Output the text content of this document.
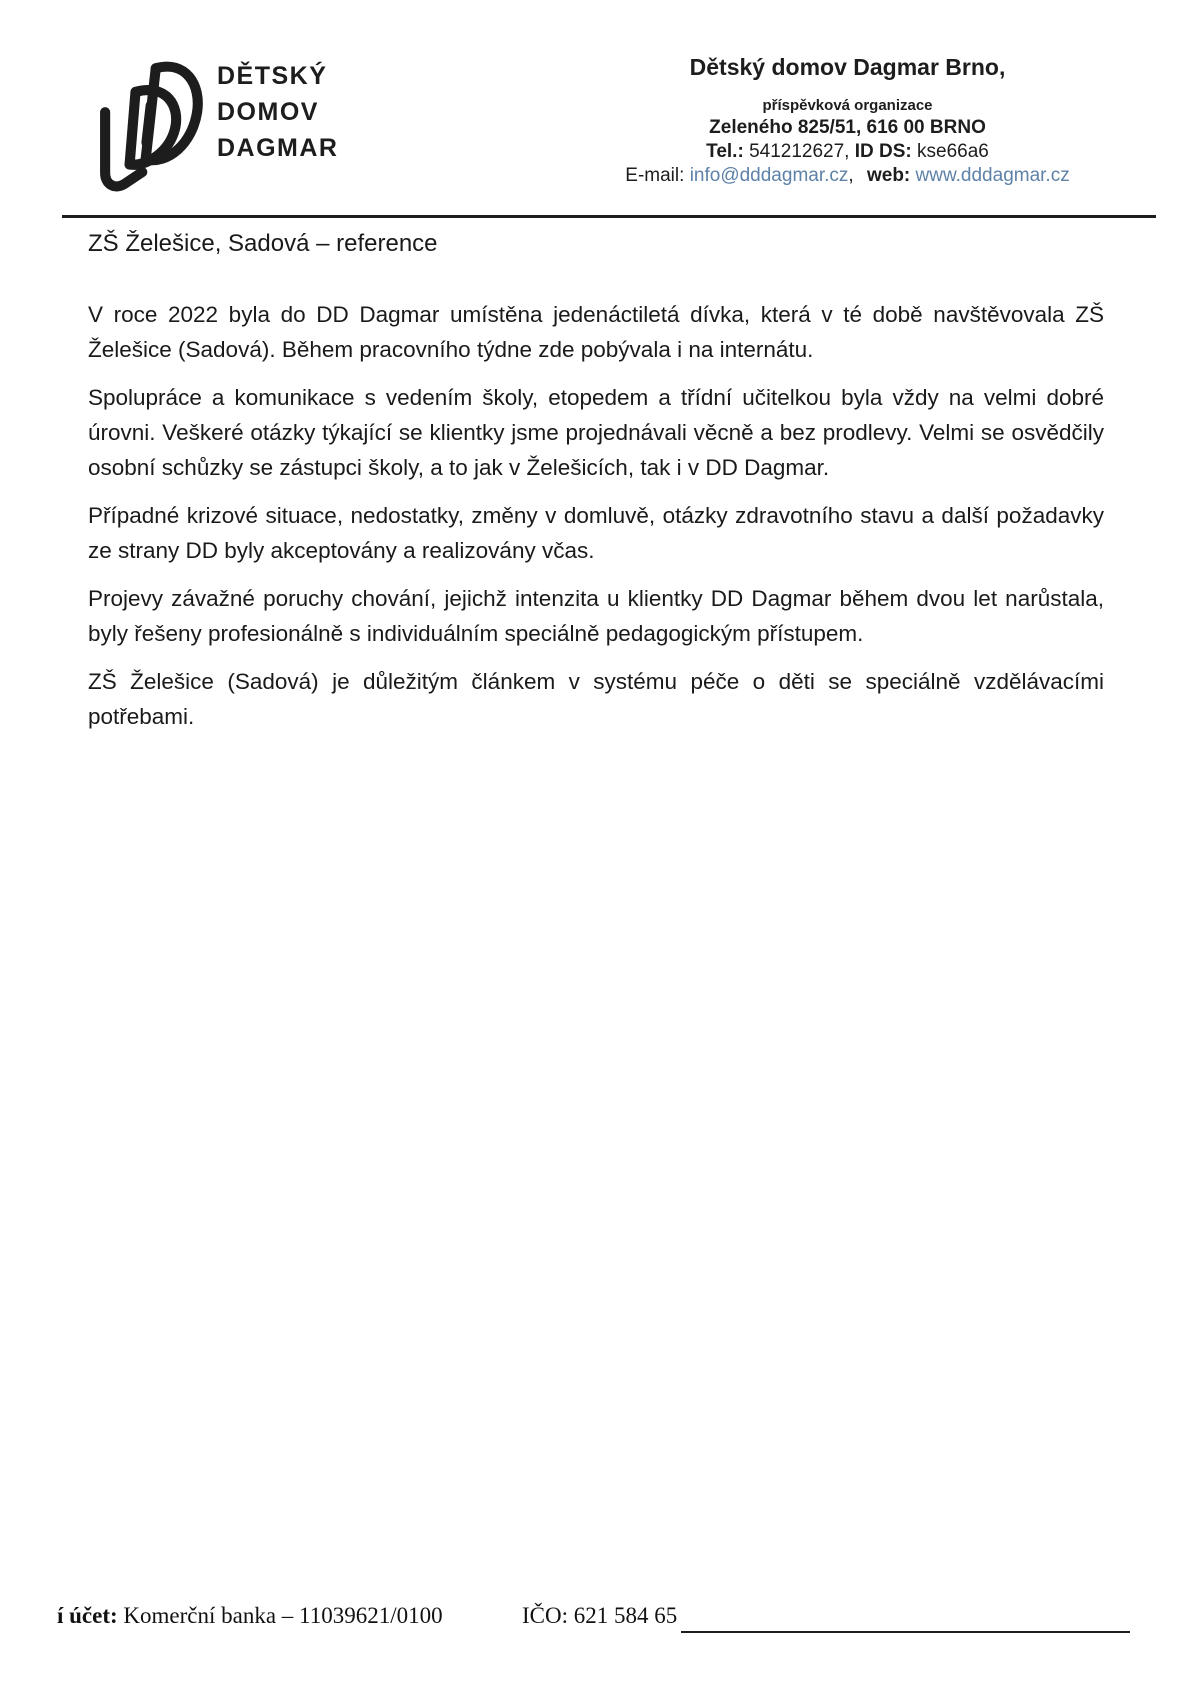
DĚTSKÝ
DOMOV
DAGMAR
Dětský domov Dagmar Brno,
příspěvková organizace
Zeleného 825/51, 616 00 BRNO
Tel.: 541212627, ID DS: kse66a6
E-mail: info@dddagmar.cz, web: www.dddagmar.cz
ZŠ Želešice, Sadová – reference

V roce 2022 byla do DD Dagmar umístěna jedenáctiletá dívka, která v té době navštěvovala ZŠ Želešice (Sadová). Během pracovního týdne zde pobývala i na internátu.

Spolupráce a komunikace s vedením školy, etopedem a třídní učitelkou byla vždy na velmi dobré úrovni. Veškeré otázky týkající se klientky jsme projednávali věcně a bez prodlevy. Velmi se osvědčily osobní schůzky se zástupci školy, a to jak v Želešicích, tak i v DD Dagmar.

Případné krizové situace, nedostatky, změny v domluvě, otázky zdravotního stavu a další požadavky ze strany DD byly akceptovány a realizovány včas.

Projevy závažné poruchy chování, jejichž intenzita u klientky DD Dagmar během dvou let narůstala, byly řešeny profesionálně s individuálním speciálně pedagogickým přístupem.

ZŠ Želešice (Sadová) je důležitým článkem v systému péče o děti se speciálně vzdělávacími potřebami.

í účet: Komerční banka – 11039621/0100	IČO: 621 584 65
